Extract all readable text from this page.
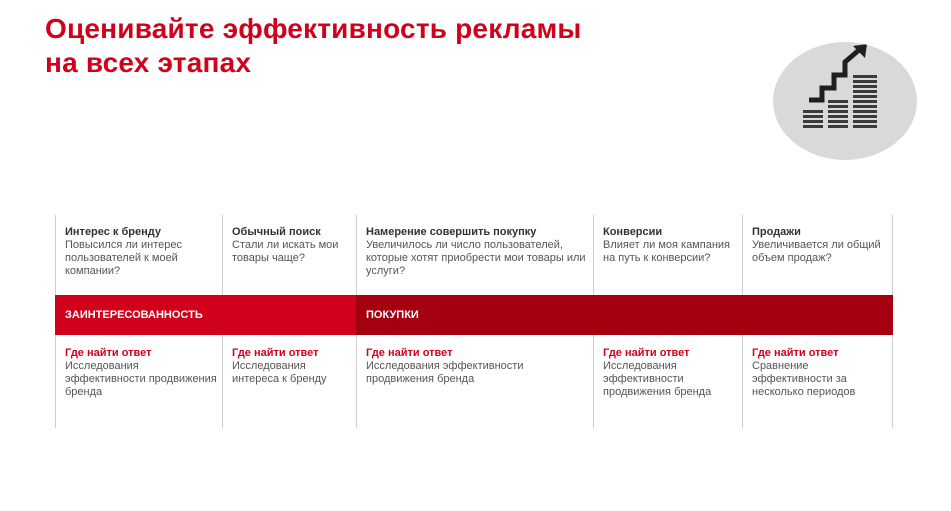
Оценивайте эффективность рекламы
на всех этапах
Интерес к бренду
Повысился ли интерес пользователей к моей компании?
Где найти ответ
Исследования эффективности продвижения бренда
Обычный поиск
Стали ли искать мои товары чаще?
Где найти ответ
Исследования интереса к бренду
Намерение совершить покупку
Увеличилось ли число пользователей, которые хотят приобрести мои товары или услуги?
Где найти ответ
Исследования эффективности продвижения бренда
Конверсии
Влияет ли моя кампания на путь к конверсии?
Где найти ответ
Исследования эффективности продвижения бренда
Продажи
Увеличивается ли общий объем продаж?
Где найти ответ
Сравнение эффективности за несколько периодов
ЗАИНТЕРЕСОВАННОСТЬ	ПОКУПКИ
